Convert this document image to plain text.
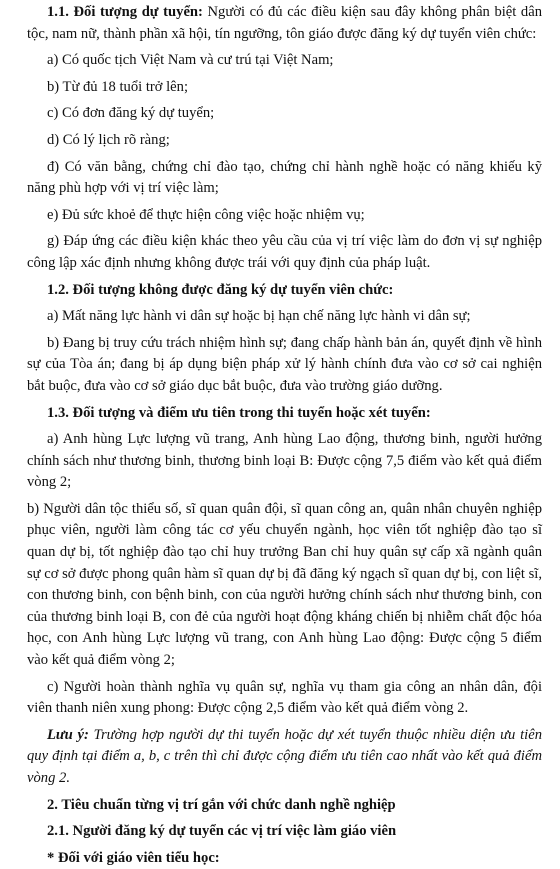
1.1. Đối tượng dự tuyển: Người có đủ các điều kiện sau đây không phân biệt dân tộc, nam nữ, thành phần xã hội, tín ngưỡng, tôn giáo được đăng ký dự tuyển viên chức:

a) Có quốc tịch Việt Nam và cư trú tại Việt Nam;

b) Từ đủ 18 tuổi trở lên;

c) Có đơn đăng ký dự tuyển;

d) Có lý lịch rõ ràng;

đ) Có văn bằng, chứng chỉ đào tạo, chứng chỉ hành nghề hoặc có năng khiếu kỹ năng phù hợp với vị trí việc làm;

e) Đủ sức khoẻ để thực hiện công việc hoặc nhiệm vụ;

g) Đáp ứng các điều kiện khác theo yêu cầu của vị trí việc làm do đơn vị sự nghiệp công lập xác định nhưng không được trái với quy định của pháp luật.

1.2. Đối tượng không được đăng ký dự tuyển viên chức:

a) Mất năng lực hành vi dân sự hoặc bị hạn chế năng lực hành vi dân sự;

b) Đang bị truy cứu trách nhiệm hình sự; đang chấp hành bản án, quyết định về hình sự của Tòa án; đang bị áp dụng biện pháp xử lý hành chính đưa vào cơ sở cai nghiện bắt buộc, đưa vào cơ sở giáo dục bắt buộc, đưa vào trường giáo dưỡng.

1.3. Đối tượng và điểm ưu tiên trong thi tuyển hoặc xét tuyển:

a) Anh hùng Lực lượng vũ trang, Anh hùng Lao động, thương binh, người hưởng chính sách như thương binh, thương binh loại B: Được cộng 7,5 điểm vào kết quả điểm vòng 2;

b) Người dân tộc thiểu số, sĩ quan quân đội, sĩ quan công an, quân nhân chuyên nghiệp phục viên, người làm công tác cơ yếu chuyển ngành, học viên tốt nghiệp đào tạo sĩ quan dự bị, tốt nghiệp đào tạo chỉ huy trưởng Ban chỉ huy quân sự cấp xã ngành quân sự cơ sở được phong quân hàm sĩ quan dự bị đã đăng ký ngạch sĩ quan dự bị, con liệt sĩ, con thương binh, con bệnh binh, con của người hưởng chính sách như thương binh, con của thương binh loại B, con đẻ của người hoạt động kháng chiến bị nhiễm chất độc hóa học, con Anh hùng Lực lượng vũ trang, con Anh hùng Lao động: Được cộng 5 điểm vào kết quả điểm vòng 2;

c) Người hoàn thành nghĩa vụ quân sự, nghĩa vụ tham gia công an nhân dân, đội viên thanh niên xung phong: Được cộng 2,5 điểm vào kết quả điểm vòng 2.

Lưu ý: Trường hợp người dự thi tuyển hoặc dự xét tuyển thuộc nhiều diện ưu tiên quy định tại điểm a, b, c trên thì chỉ được cộng điểm ưu tiên cao nhất vào kết quả điểm vòng 2.

2. Tiêu chuẩn từng vị trí gắn với chức danh nghề nghiệp

2.1. Người đăng ký dự tuyển các vị trí việc làm giáo viên

* Đối với giáo viên tiểu học:
